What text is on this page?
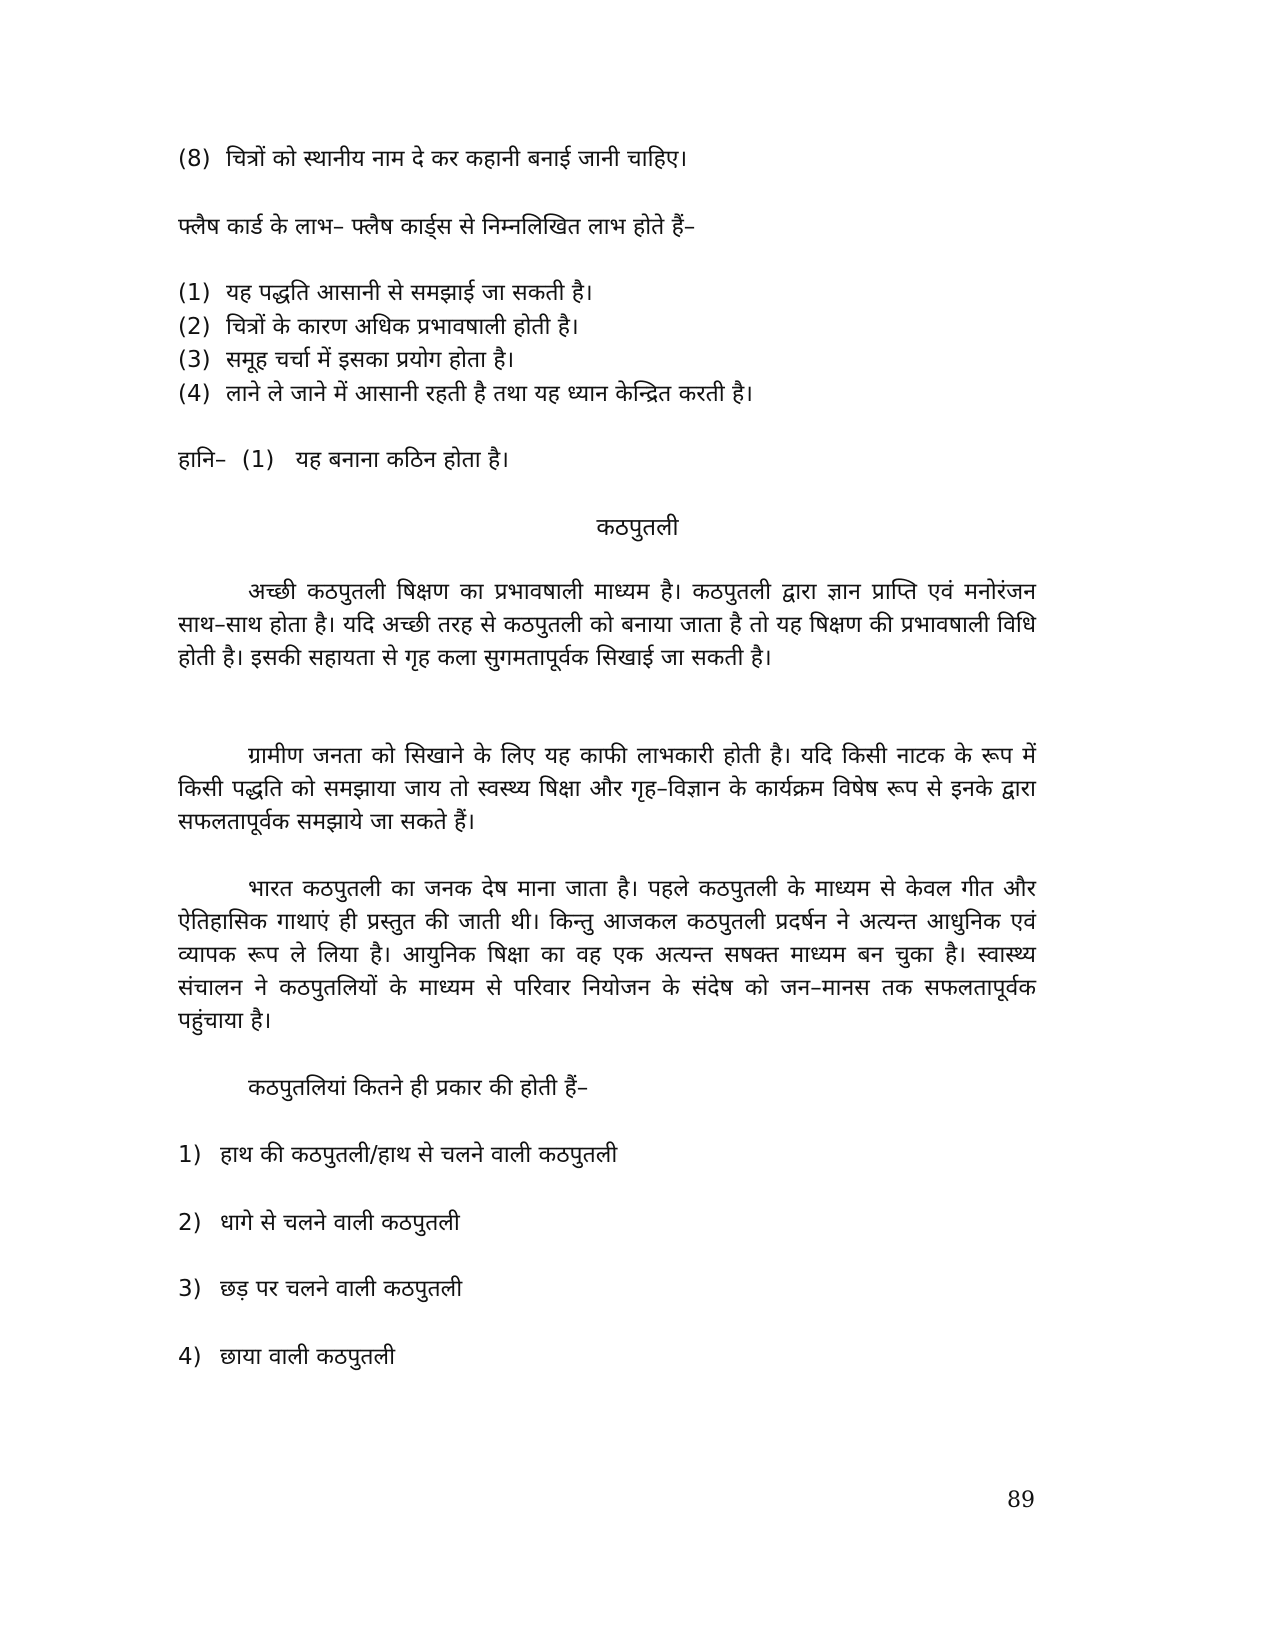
(8) चित्रों को स्थानीय नाम दे कर कहानी बनाई जानी चाहिए।
फ्लैष कार्ड के लाभ– फ्लैष कार्ड्स से निम्नलिखित लाभ होते हैं–
(1) यह पद्धति आसानी से समझाई जा सकती है।
(2) चित्रों के कारण अधिक प्रभावषाली होती है।
(3) समूह चर्चा में इसका प्रयोग होता है।
(4) लाने ले जाने में आसानी रहती है तथा यह ध्यान केन्द्रित करती है।
हानि– (1) यह बनाना कठिन होता है।
कठपुतली
अच्छी कठपुतली षिक्षण का प्रभावषाली माध्यम है। कठपुतली द्वारा ज्ञान प्राप्ति एवं मनोरंजन साथ–साथ होता है। यदि अच्छी तरह से कठपुतली को बनाया जाता है तो यह षिक्षण की प्रभावषाली विधि होती है। इसकी सहायता से गृह कला सुगमतापूर्वक सिखाई जा सकती है।
ग्रामीण जनता को सिखाने के लिए यह काफी लाभकारी होती है। यदि किसी नाटक के रूप में किसी पद्धति को समझाया जाय तो स्वस्थ्य षिक्षा और गृह–विज्ञान के कार्यक्रम विषेष रूप से इनके द्वारा सफलतापूर्वक समझाये जा सकते हैं।
भारत कठपुतली का जनक देष माना जाता है। पहले कठपुतली के माध्यम से केवल गीत और ऐतिहासिक गाथाएं ही प्रस्तुत की जाती थी। किन्तु आजकल कठपुतली प्रदर्षन ने अत्यन्त आधुनिक एवं व्यापक रूप ले लिया है। आयुनिक षिक्षा का वह एक अत्यन्त सषक्त माध्यम बन चुका है। स्वास्थ्य संचालन ने कठपुतलियों के माध्यम से परिवार नियोजन के संदेष को जन–मानस तक सफलतापूर्वक पहुंचाया है।
कठपुतलियां कितने ही प्रकार की होती हैं–
1) हाथ की कठपुतली/हाथ से चलने वाली कठपुतली
2) धागे से चलने वाली कठपुतली
3) छड़ पर चलने वाली कठपुतली
4) छाया वाली कठपुतली
89
